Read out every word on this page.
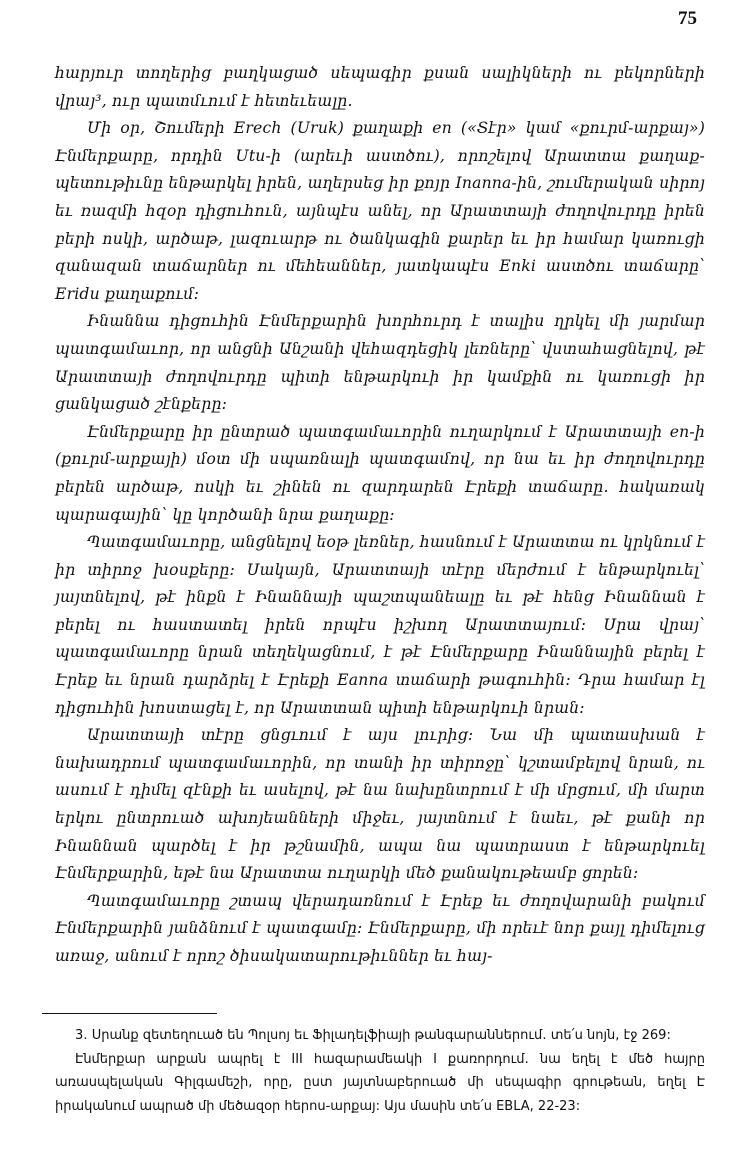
75

հարյուր տողերից բաղկացած սեպագիր քսան սալիկների ու բեկորների վրայ³, ուր պատմւում է հետեւեալը․

Մի օր, Շումերի Erech (Uruk) քաղաքի en («Տէր» կամ «քուրմ-արքայ») Էնմերքարը, որդին Utu-ի (արեւի աստծու), որոշելով Արատտա քաղաք-պետութիւնը ենթարկել իրեն, աղերսեց իր քոյր Inanna-ին, շումերական սիրոյ եւ ռազմի հզօր դիցուհուն, այնպէս անել, որ Արատտայի ժողովուրդը իրեն բերի ոսկի, արծաթ, լազուարթ ու ծանկագին քարեր եւ իր համար կառուցի զանազան տաճարներ ու մեհեաններ, յատկապէս Enki աստծու տաճարը՝ Eridu քաղաքում:

Ինաննա դիցուհին Էնմերքարին խորհուրդ է տալիս ղրկել մի յարմար պատգամաւոր, որ անցնի Անշանի վեհազդեցիկ լեռները՝ վստահացնելով, թէ Արատտայի ժողովուրդը պիտի ենթարկուի իր կամքին ու կառուցի իր ցանկացած շէնքերը:

Էնմերքարը իր ընտրած պատգամաւորին ուղարկում է Արատտայի en-ի (քուրմ-արքայի) մօտ մի սպառնալի պատգամով, որ նա եւ իր ժողովուրդը բերեն արծաթ, ոսկի եւ շինեն ու զարդարեն Էրեքի տաճարը․ հակառակ պարագային՝ կը կործանի նրա քաղաքը:

Պատգամաւորը, անցնելով եօթ լեռներ, հասնում է Արատտա ու կրկնում է իր տիրոջ խօսքերը: Սակայն, Արատտայի տէրը մերժում է ենթարկուել՝ յայտնելով, թէ ինքն է Ինաննայի պաշտպանեալը եւ թէ հենց Ինաննան է բերել ու հաստատել իրեն որպէս իշխող Արատտայում: Սրա վրայ՝ պատգամաւորը նրան տեղեկացնում, է թէ Էնմերքարը Ինաննային բերել է Էրեք եւ նրան դարձրել է Էրեքի Eanna տաճարի թագուհին: Դրա համար էլ դիցուհին խոստացել է, որ Արատտան պիտի ենթարկուի նրան:

Արատտայի տէրը ցնցւում է այս լուրից: Նա մի պատասխան է նախադրում պատգամաւորին, որ տանի իր տիրոջը՝ կշտամբելով նրան, ու ասում է դիմել զէնքի եւ ասելով, թէ նա նախընտրում է մի մրցում, մի մարտ երկու ընտրուած ախոյեանների միջեւ, յայտնում է նաեւ, թէ քանի որ Ինաննան պարծել է իր թշնամին, ապա նա պատրաստ է ենթարկուել Էնմերքարին, եթէ նա Արատտա ուղարկի մեծ քանակութեամբ ցորեն:

Պատգամաւորը շտապ վերադառնում է Էրեք եւ ժողովարանի բակում Էնմերքարին յանձնում է պատգամը: Էնմերքարը, մի որեւէ նոր քայլ դիմելուց առաջ, անում է որոշ ծիսակատարութիւններ եւ հայ-

3․ Սրանք զետեղուած են Պոլսոյ եւ Ֆիլադելֆիայի թանգարաններում․ տե՛ս նոյն, էջ 269:

Էնմերքար արքան ապրել է III հազարամեակի I քառորդում․ նա եղել է մեծ հայրը առասպելական Գիլգամեշի, որը, ըստ յայտնաբերուած մի սեպագիր գրութեան, եղել Է իրականում ապրած մի մեծազօր հերոս-արքայ: Այս մասին տե՛ս EBLA, 22-23:
